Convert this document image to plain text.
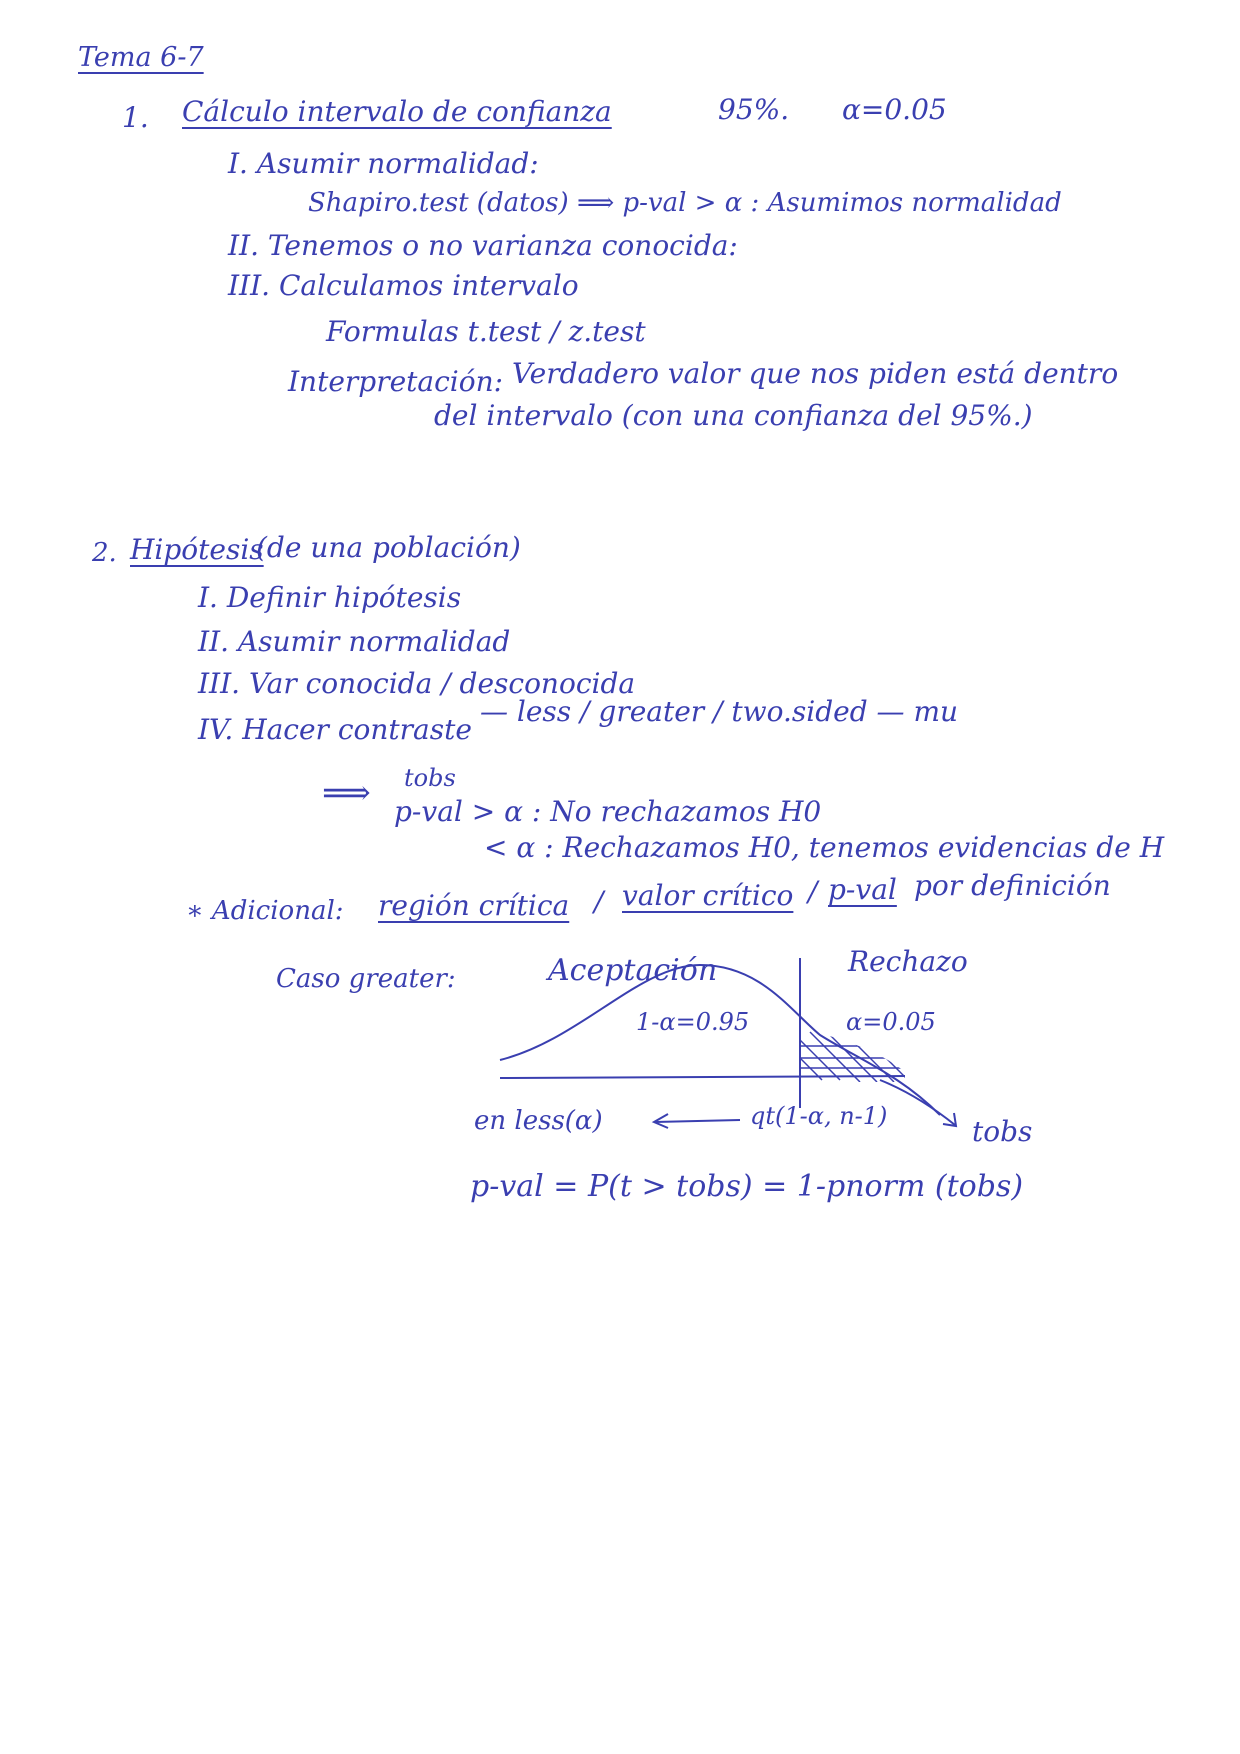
Tema 6-7
1. Cálculo intervalo de confianza	95%. α=0.05
I. Asumir normalidad:
Shapiro.test (datos) ⟹ p-val > α : Asumimos normalidad
II. Tenemos o no varianza conocida:
III. Calculamos intervalo
Formulas t.test / z.test
Interpretación: Verdadero valor que nos piden está dentro
del intervalo (con una confianza del 95%.)
2. Hipótesis
(de una población)
I. Definir hipótesis
II. Asumir normalidad
III. Var conocida / desconocida
IV. Hacer contraste
— less / greater / two.sided — mu
⟹ tobs
p-val > α : No rechazamos H0
< α : Rechazamos H0, tenemos evidencias de H
∗ Adicional: región crítica / valor crítico / p-val por definición
Caso greater:	Aceptación	Rechazo
1-α=0.95	α=0.05
en less(α)	qt(1-α, n-1)	tobs
p-val = P(t > tobs) = 1-pnorm (tobs)
